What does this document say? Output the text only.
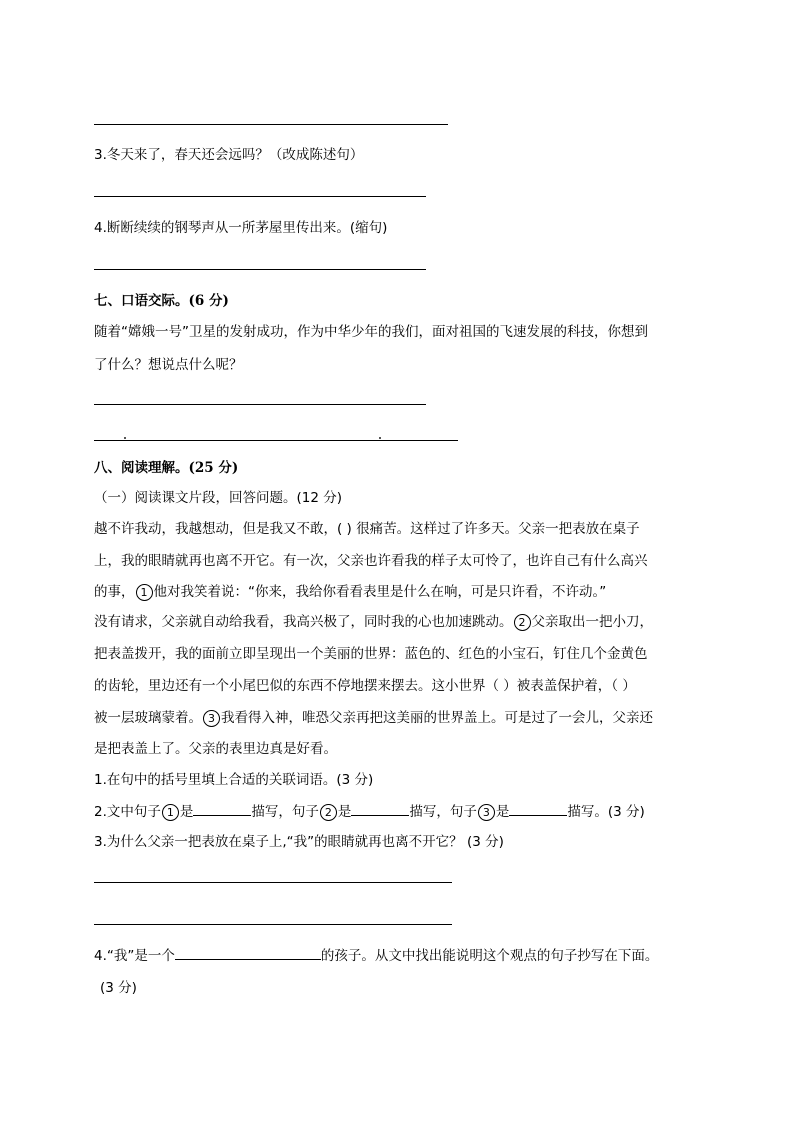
3.冬天来了，春天还会远吗？（改成陈述句）
4.断断续续的钢琴声从一所茅屋里传出来。(缩句)
七、口语交际。(6 分)
随着“嫦娥一号”卫星的发射成功，作为中华少年的我们，面对祖国的飞速发展的科技，你想到
了什么？想说点什么呢？
八、阅读理解。(25 分)
（一）阅读课文片段，回答问题。(12 分)
越不许我动，我越想动，但是我又不敢，( ) 很痛苦。这样过了许多天。父亲一把表放在桌子
上，我的眼睛就再也离不开它。有一次，父亲也许看我的样子太可怜了，也许自己有什么高兴
的事， 1 他对我笑着说：“你来，我给你看看表里是什么在响，可是只许看，不许动。”
没有请求，父亲就自动给我看，我高兴极了，同时我的心也加速跳动。 2 父亲取出一把小刀，
把表盖拨开，我的面前立即呈现出一个美丽的世界：蓝色的、红色的小宝石，钉住几个金黄色
的齿轮，里边还有一个小尾巴似的东西不停地摆来摆去。这小世界（ ）被表盖保护着，（ ）
被一层玻璃蒙着。 3 我看得入神，唯恐父亲再把这美丽的世界盖上。可是过了一会儿，父亲还
是把表盖上了。父亲的表里边真是好看。
1.在句中的括号里填上合适的关联词语。(3 分)
2.文中句子 1 是	描写，句子 2 是	描写，句子 3 是	描写。(3 分)
3.为什么父亲一把表放在桌子上,“我”的眼睛就再也离不开它？ (3 分)
4.“我”是一个	的孩子。从文中找出能说明这个观点的句子抄写在下面。
(3 分)
